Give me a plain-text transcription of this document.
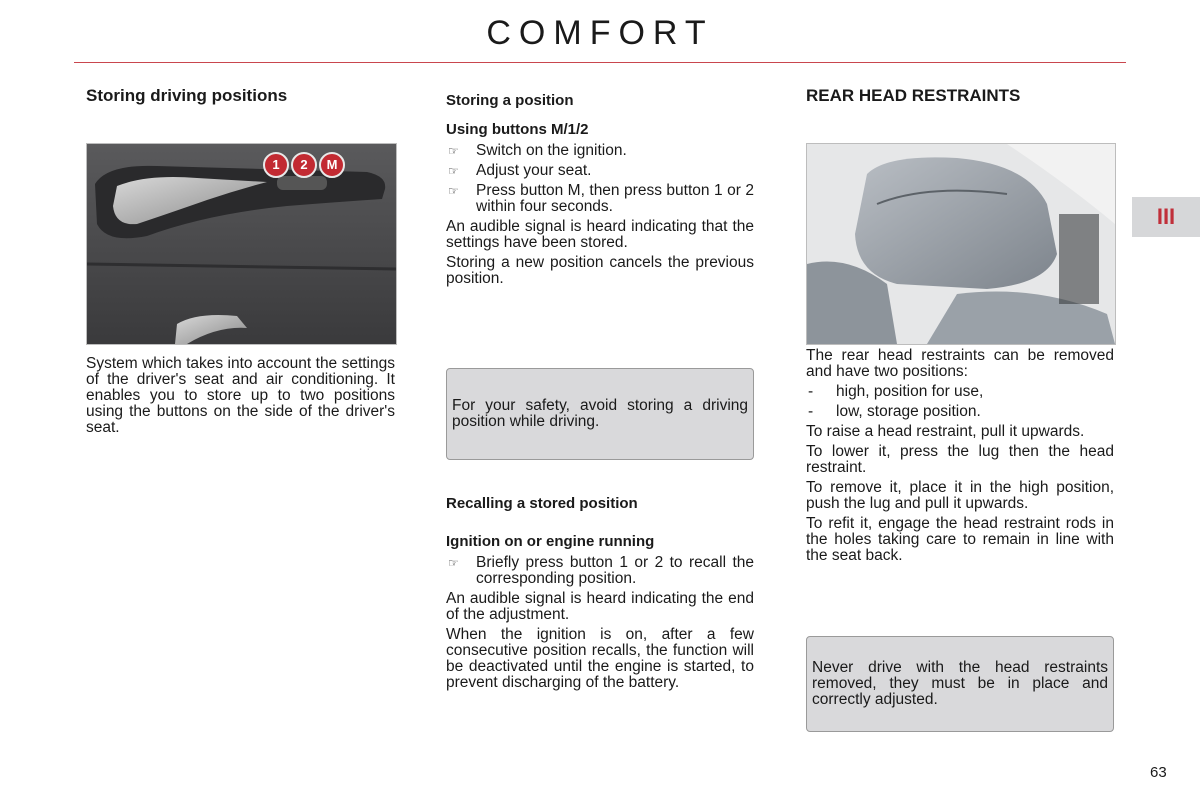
COMFORT
III
Storing driving positions
1	2	M

System which takes into account the settings of the driver's seat and air conditioning. It enables you to store up to two positions using the buttons on the side of the driver's seat.

Storing a position
Using buttons M/1/2
☞ Switch on the ignition.
☞ Adjust your seat.
☞ Press button M, then press button 1 or 2 within four seconds.

An audible signal is heard indicating that the settings have been stored.

Storing a new position cancels the previous position.

For your safety, avoid storing a driving position while driving.

Recalling a stored position
Ignition on or engine running
☞ Briefly press button 1 or 2 to recall the corresponding position.

An audible signal is heard indicating the end of the adjustment.

When the ignition is on, after a few consecutive position recalls, the function will be deactivated until the engine is started, to prevent discharging of the battery.

REAR HEAD RESTRAINTS

The rear head restraints can be removed and have two positions:

- high, position for use,
- low, storage position.

To raise a head restraint, pull it upwards.

To lower it, press the lug then the head restraint.

To remove it, place it in the high position, push the lug and pull it upwards.

To refit it, engage the head restraint rods in the holes taking care to remain in line with the seat back.

Never drive with the head restraints removed, they must be in place and correctly adjusted.

63
